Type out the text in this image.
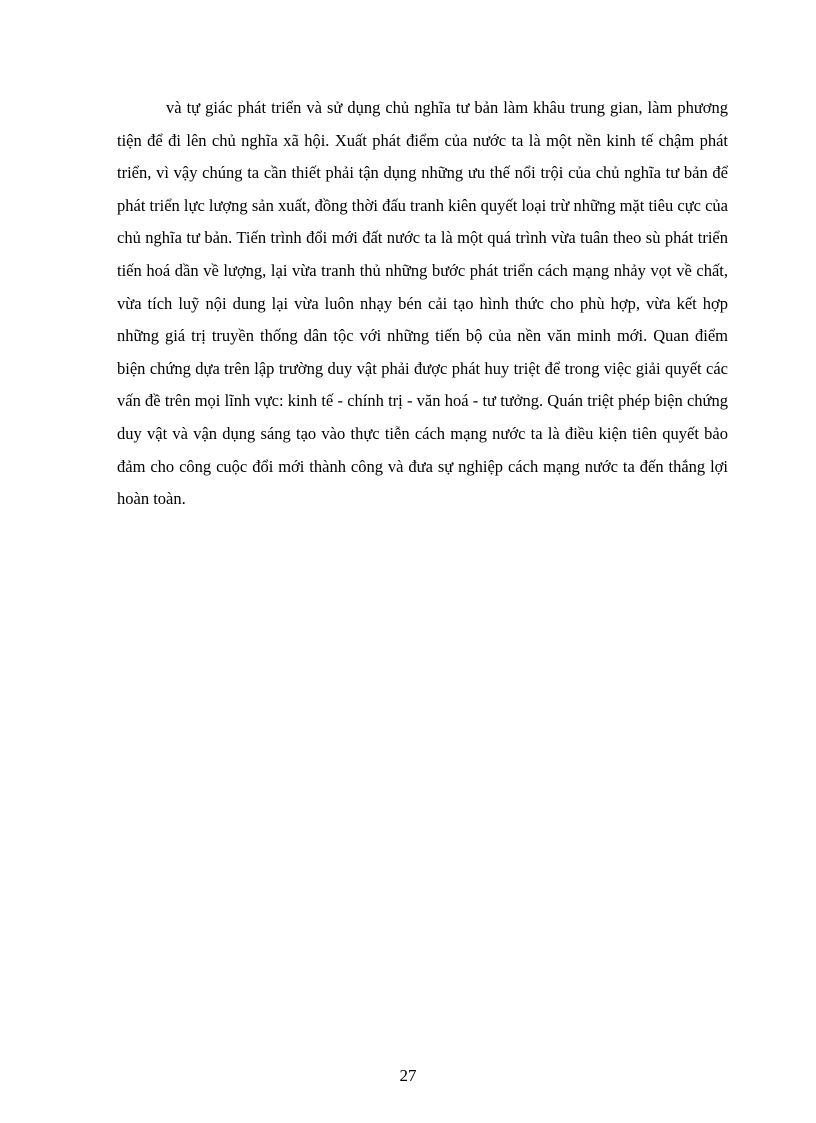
và tự giác phát triển và sử dụng chủ nghĩa tư bản làm khâu trung gian, làm phương tiện để đi lên chủ nghĩa xã hội. Xuất phát điểm của nước ta là một nền kinh tế chậm phát triển, vì vậy chúng ta cần thiết phải tận dụng những ưu thế nổi trội của chủ nghĩa tư bản để phát triển lực lượng sản xuất, đồng thời đấu tranh kiên quyết loại trừ những mặt tiêu cực của chủ nghĩa tư bản. Tiến trình đổi mới đất nước ta là một quá trình vừa tuân theo sù phát triển tiến hoá dần về lượng, lại vừa tranh thủ những bước phát triển cách mạng nhảy vọt về chất, vừa tích luỹ nội dung lại vừa luôn nhạy bén cải tạo hình thức cho phù hợp, vừa kết hợp những giá trị truyền thống dân tộc với những tiến bộ của nền văn minh mới. Quan điểm biện chứng dựa trên lập trường duy vật phải được phát huy triệt để trong việc giải quyết các vấn đề trên mọi lĩnh vực: kinh tế - chính trị - văn hoá - tư tưởng. Quán triệt phép biện chứng duy vật và vận dụng sáng tạo vào thực tiễn cách mạng nước ta là điều kiện tiên quyết bảo đảm cho công cuộc đổi mới thành công và đưa sự nghiệp cách mạng nước ta đến thắng lợi hoàn toàn.

27
